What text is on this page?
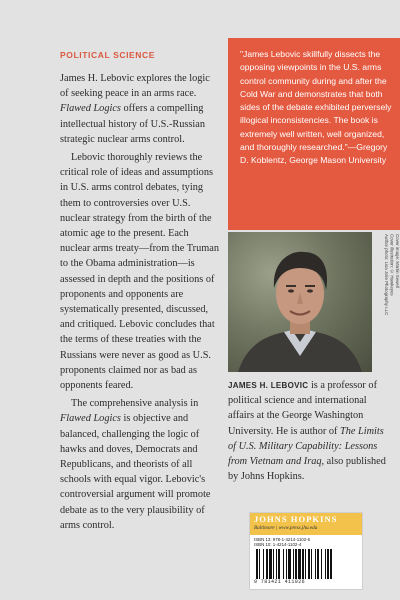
POLITICAL SCIENCE

James H. Lebovic explores the logic of seeking peace in an arms race. Flawed Logics offers a compelling intellectual history of U.S.-Russian strategic nuclear arms control.

Lebovic thoroughly reviews the critical role of ideas and assumptions in U.S. arms control debates, tying them to controversies over U.S. nuclear strategy from the birth of the atomic age to the present. Each nuclear arms treaty—from the Truman to the Obama administration—is assessed in depth and the positions of proponents and opponents are systematically presented, discussed, and critiqued. Lebovic concludes that the terms of these treaties with the Russians were never as good as U.S. proponents claimed nor as bad as opponents feared.

The comprehensive analysis in Flawed Logics is objective and balanced, challenging the logic of hawks and doves, Democrats and Republicans, and theorists of all schools with equal vigor. Lebovic's controversial argument will promote debate as to the very plausibility of arms control.

"James Lebovic skillfully dissects the opposing viewpoints in the U.S. arms control community during and after the Cold War and demonstrates that both sides of the debate exhibited perversely illogical inconsistencies. The book is extremely well written, well organized, and thoroughly researched."—Gregory D. Koblentz, George Mason University

Cover image: Martin Sewell
Cover illustration: © Hawkeyes
Author photo: Lisa Jolie Photography LLC

JAMES H. LEBOVIC is a professor of political science and international affairs at the George Washington University. He is author of The Limits of U.S. Military Capability: Lessons from Vietnam and Iraq, also published by Johns Hopkins.

JOHNS HOPKINS
Baltimore | www.press.jhu.edu
ISBN 13: 978-1-4214-1102-6
ISBN 10: 1-4214-1102-4
9 781421 411026
